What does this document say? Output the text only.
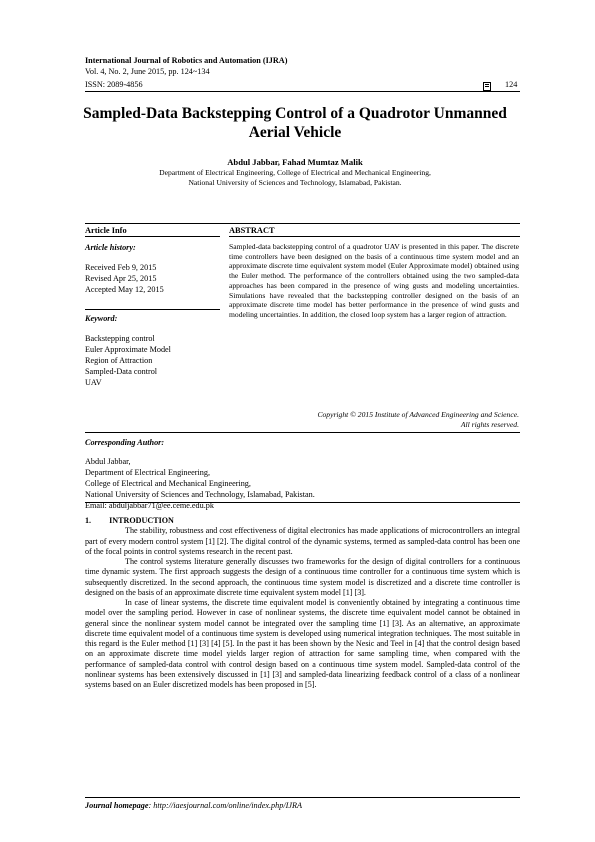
International Journal of Robotics and Automation (IJRA)
Vol. 4, No. 2, June 2015, pp. 124~134
ISSN: 2089-4856	124
Sampled-Data Backstepping Control of a Quadrotor Unmanned
Aerial Vehicle
Abdul Jabbar, Fahad Mumtaz Malik
Department of Electrical Engineering, College of Electrical and Mechanical Engineering,
National University of Sciences and Technology, Islamabad, Pakistan.
Article Info	ABSTRACT
Article history:
Received Feb 9, 2015
Revised Apr 25, 2015
Accepted May 12, 2015
Keyword:
Backstepping control
Euler Approximate Model
Region of Attraction
Sampled-Data control
UAV
Sampled-data backstepping control of a quadrotor UAV is presented in this paper. The discrete time controllers have been designed on the basis of a continuous time system model and an approximate discrete time equivalent system model (Euler Approximate model) obtained using the Euler method. The performance of the controllers obtained using the two sampled-data approaches has been compared in the presence of wing gusts and modeling uncertainties. Simulations have revealed that the backstepping controller designed on the basis of an approximate discrete time model has better performance in the presence of wind gusts and modeling uncertainties. In addition, the closed loop system has a larger region of attraction.
Copyright © 2015 Institute of Advanced Engineering and Science.
All rights reserved.
Corresponding Author:
Abdul Jabbar,
Department of Electrical Engineering,
College of Electrical and Mechanical Engineering,
National University of Sciences and Technology, Islamabad, Pakistan.
Email: abduljabbar71@ee.ceme.edu.pk
1. INTRODUCTION

The stability, robustness and cost effectiveness of digital electronics has made applications of microcontrollers an integral part of every modern control system [1] [2]. The digital control of the dynamic systems, termed as sampled-data control has been one of the focal points in control systems research in the recent past.

The control systems literature generally discusses two frameworks for the design of digital controllers for a continuous time dynamic system. The first approach suggests the design of a continuous time controller for a continuous time system which is subsequently discretized. In the second approach, the continuous time system model is discretized and a discrete time controller is designed on the basis of an approximate discrete time equivalent system model [1] [3].

In case of linear systems, the discrete time equivalent model is conveniently obtained by integrating a continuous time model over the sampling period. However in case of nonlinear systems, the discrete time equivalent model cannot be obtained in general since the nonlinear system model cannot be integrated over the sampling time [1] [3]. As an alternative, an approximate discrete time equivalent model of a continuous time system is developed using numerical integration techniques. The most suitable in this regard is the Euler method [1] [3] [4] [5]. In the past it has been shown by the Nesic and Teel in [4] that the control design based on an approximate discrete time model yields larger region of attraction for same sampling time, when compared with the performance of sampled-data control with control design based on a continuous time system model. Sampled-data control of the nonlinear systems has been extensively discussed in [1] [3] and sampled-data linearizing feedback control of a class of a nonlinear systems based on an Euler discretized models has been proposed in [5].

Journal homepage: http://iaesjournal.com/online/index.php/IJRA
